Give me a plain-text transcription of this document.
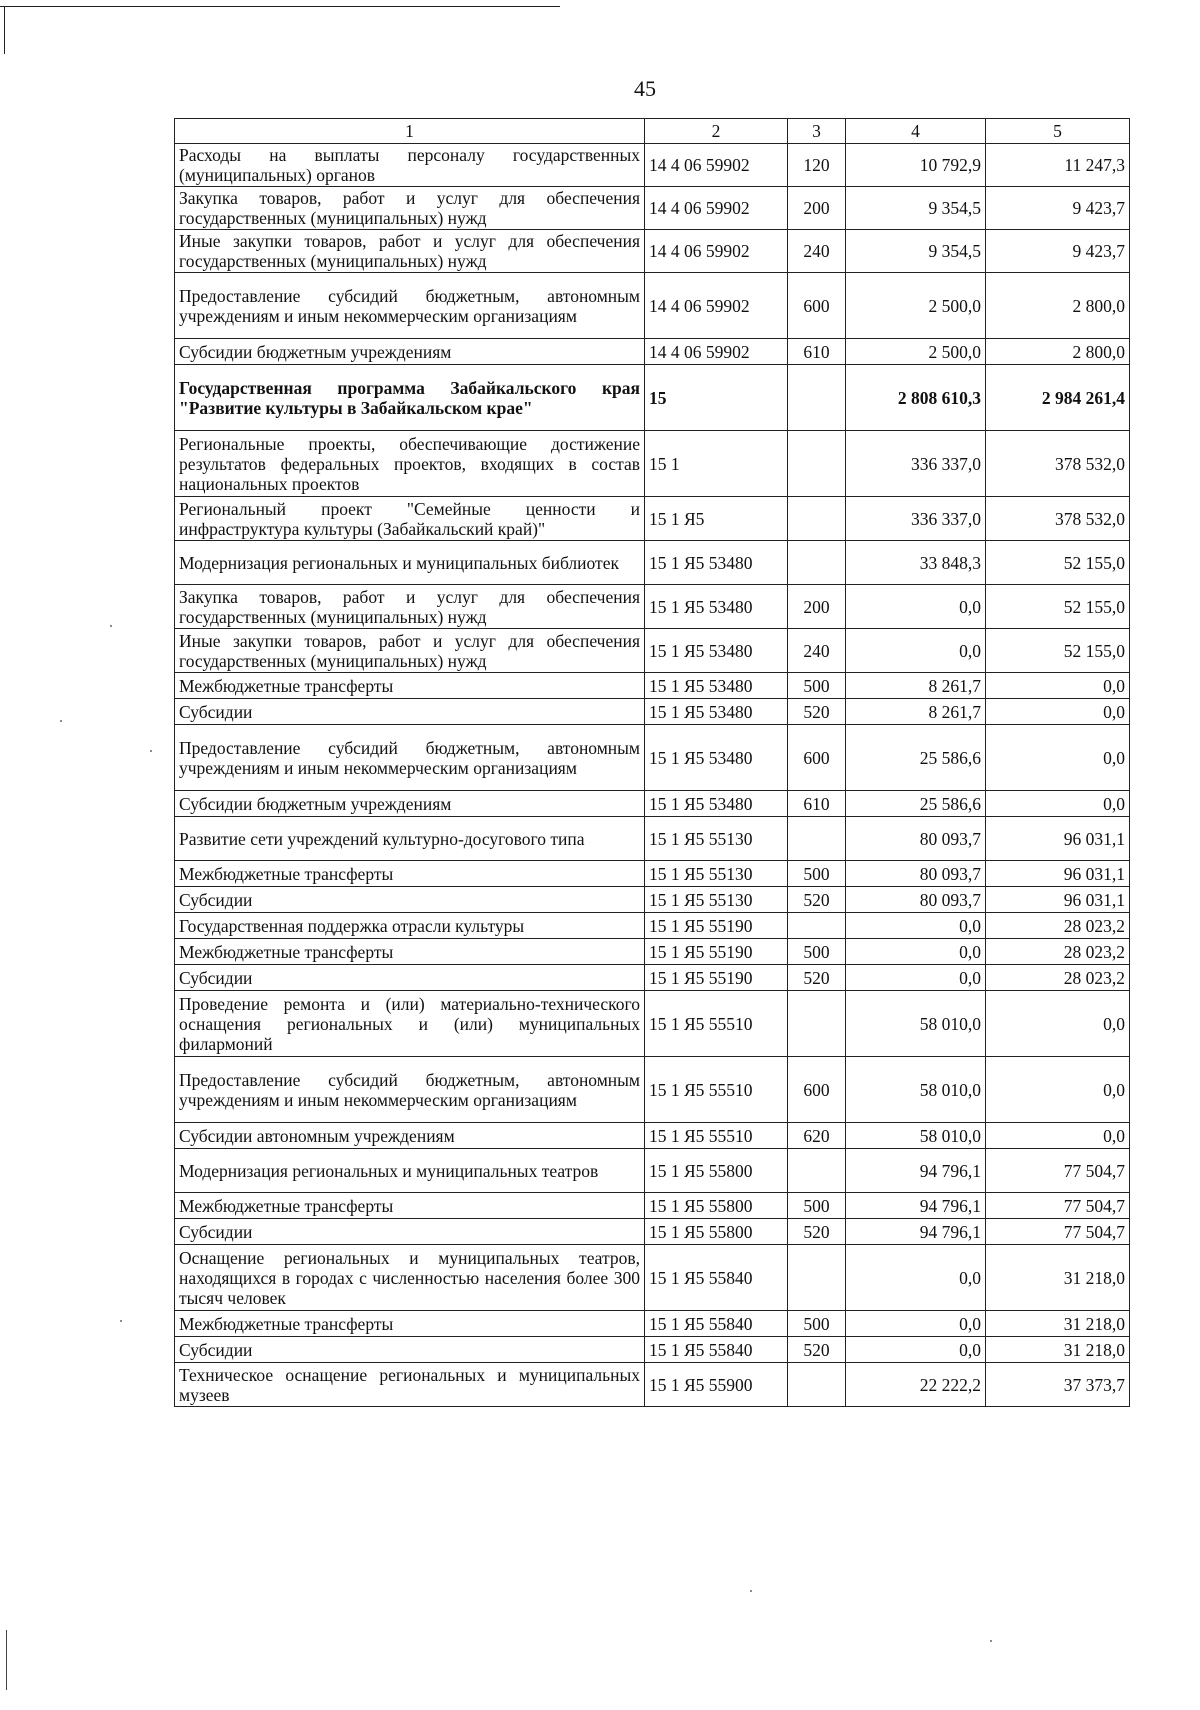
45
1	2	3	4	5
Расходы на выплаты персоналу государственных (муниципальных) органов	14 4 06 59902	120	10 792,9	11 247,3
Закупка товаров, работ и услуг для обеспечения государственных (муниципальных) нужд	14 4 06 59902	200	9 354,5	9 423,7
Иные закупки товаров, работ и услуг для обеспечения государственных (муниципальных) нужд	14 4 06 59902	240	9 354,5	9 423,7
Предоставление субсидий бюджетным, автономным учреждениям и иным некоммерческим организациям	14 4 06 59902	600	2 500,0	2 800,0
Субсидии бюджетным учреждениям	14 4 06 59902	610	2 500,0	2 800,0
Государственная программа Забайкальского края "Развитие культуры в Забайкальском крае"	15		2 808 610,3	2 984 261,4
Региональные проекты, обеспечивающие достижение результатов федеральных проектов, входящих в состав национальных проектов	15 1		336 337,0	378 532,0
Региональный проект "Семейные ценности и инфраструктура культуры (Забайкальский край)"	15 1 Я5		336 337,0	378 532,0
Модернизация региональных и муниципальных библиотек	15 1 Я5 53480		33 848,3	52 155,0
Закупка товаров, работ и услуг для обеспечения государственных (муниципальных) нужд	15 1 Я5 53480	200	0,0	52 155,0
Иные закупки товаров, работ и услуг для обеспечения государственных (муниципальных) нужд	15 1 Я5 53480	240	0,0	52 155,0
Межбюджетные трансферты	15 1 Я5 53480	500	8 261,7	0,0
Субсидии	15 1 Я5 53480	520	8 261,7	0,0
Предоставление субсидий бюджетным, автономным учреждениям и иным некоммерческим организациям	15 1 Я5 53480	600	25 586,6	0,0
Субсидии бюджетным учреждениям	15 1 Я5 53480	610	25 586,6	0,0
Развитие сети учреждений культурно-досугового типа	15 1 Я5 55130		80 093,7	96 031,1
Межбюджетные трансферты	15 1 Я5 55130	500	80 093,7	96 031,1
Субсидии	15 1 Я5 55130	520	80 093,7	96 031,1
Государственная поддержка отрасли культуры	15 1 Я5 55190		0,0	28 023,2
Межбюджетные трансферты	15 1 Я5 55190	500	0,0	28 023,2
Субсидии	15 1 Я5 55190	520	0,0	28 023,2
Проведение ремонта и (или) материально-технического оснащения региональных и (или) муниципальных филармоний	15 1 Я5 55510		58 010,0	0,0
Предоставление субсидий бюджетным, автономным учреждениям и иным некоммерческим организациям	15 1 Я5 55510	600	58 010,0	0,0
Субсидии автономным учреждениям	15 1 Я5 55510	620	58 010,0	0,0
Модернизация региональных и муниципальных театров	15 1 Я5 55800		94 796,1	77 504,7
Межбюджетные трансферты	15 1 Я5 55800	500	94 796,1	77 504,7
Субсидии	15 1 Я5 55800	520	94 796,1	77 504,7
Оснащение региональных и муниципальных театров, находящихся в городах с численностью населения более 300 тысяч человек	15 1 Я5 55840		0,0	31 218,0
Межбюджетные трансферты	15 1 Я5 55840	500	0,0	31 218,0
Субсидии	15 1 Я5 55840	520	0,0	31 218,0
Техническое оснащение региональных и муниципальных музеев	15 1 Я5 55900		22 222,2	37 373,7
